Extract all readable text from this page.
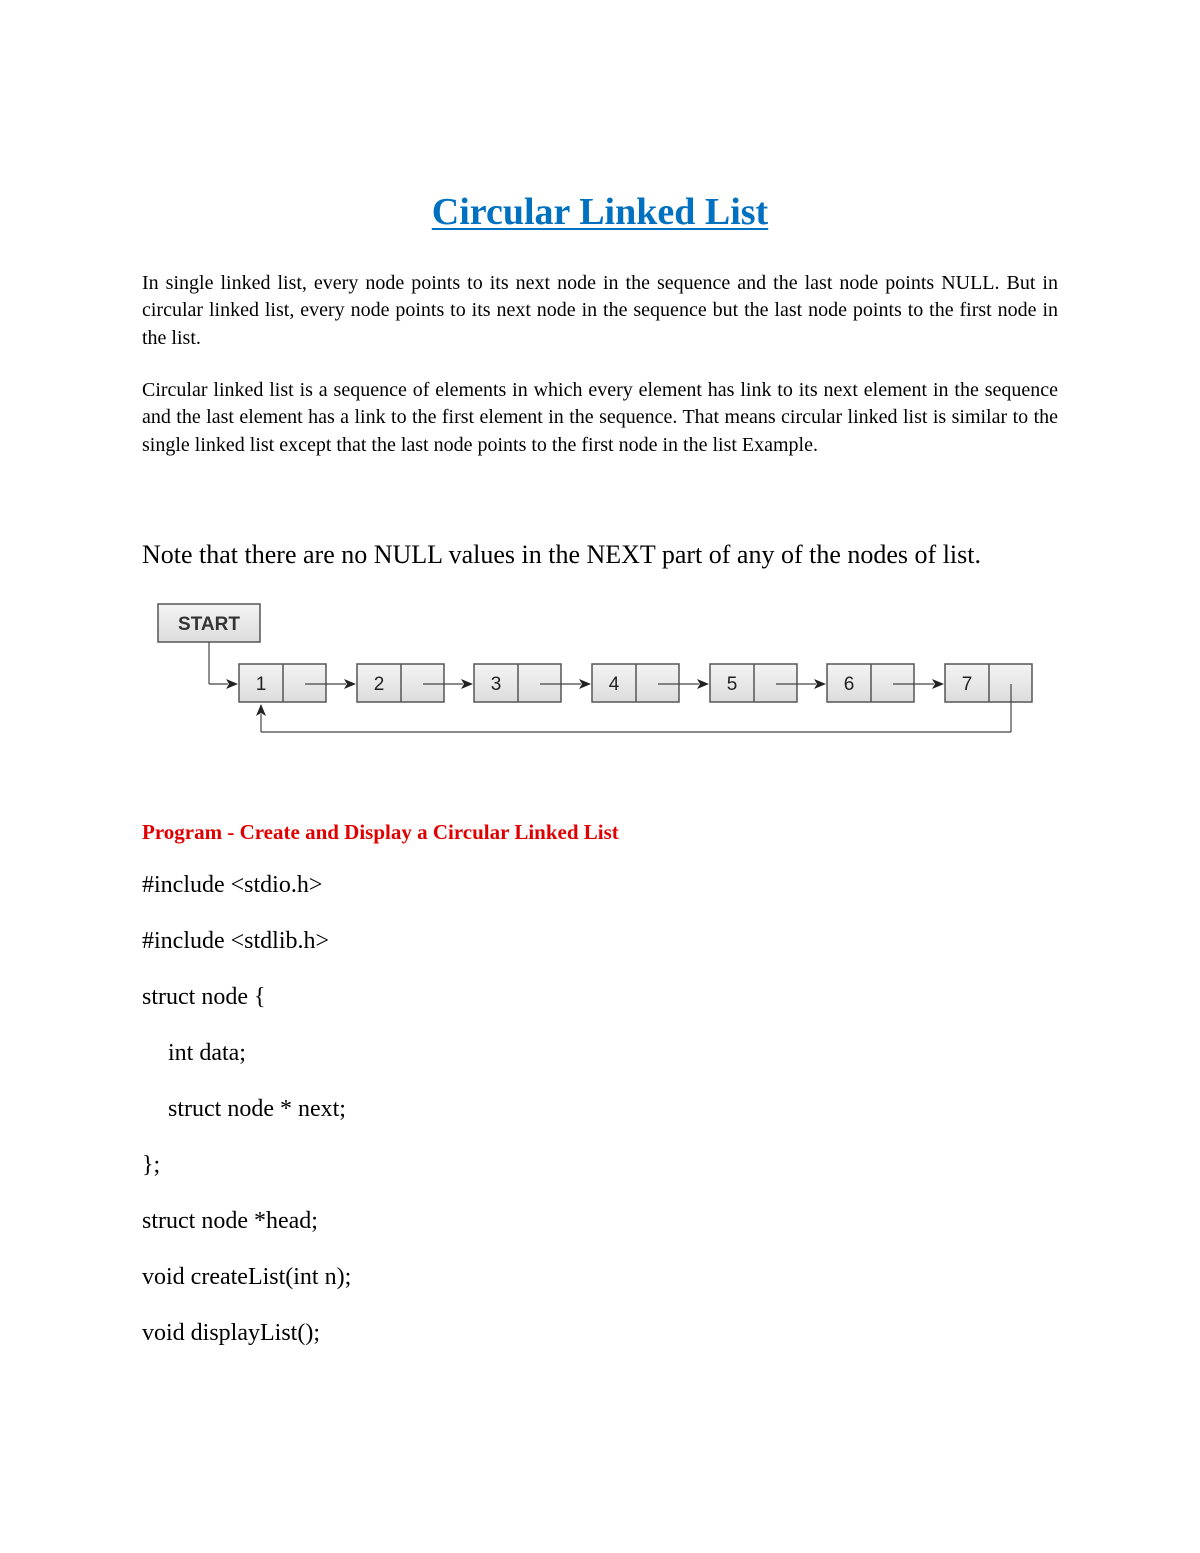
Circular Linked List

In single linked list, every node points to its next node in the sequence and the last node points NULL. But in circular linked list, every node points to its next node in the sequence but the last node points to the first node in the list.

Circular linked list is a sequence of elements in which every element has link to its next element in the sequence and the last element has a link to the first element in the sequence. That means circular linked list is similar to the single linked list except that the last node points to the first node in the list Example.

Note that there are no NULL values in the NEXT part of any of the nodes of list.

START
1	2	3	4	5	6	7

Program - Create and Display a Circular Linked List

#include <stdio.h>

#include <stdlib.h>

struct node {

int data;

struct node * next;

};

struct node *head;

void createList(int n);

void displayList();
